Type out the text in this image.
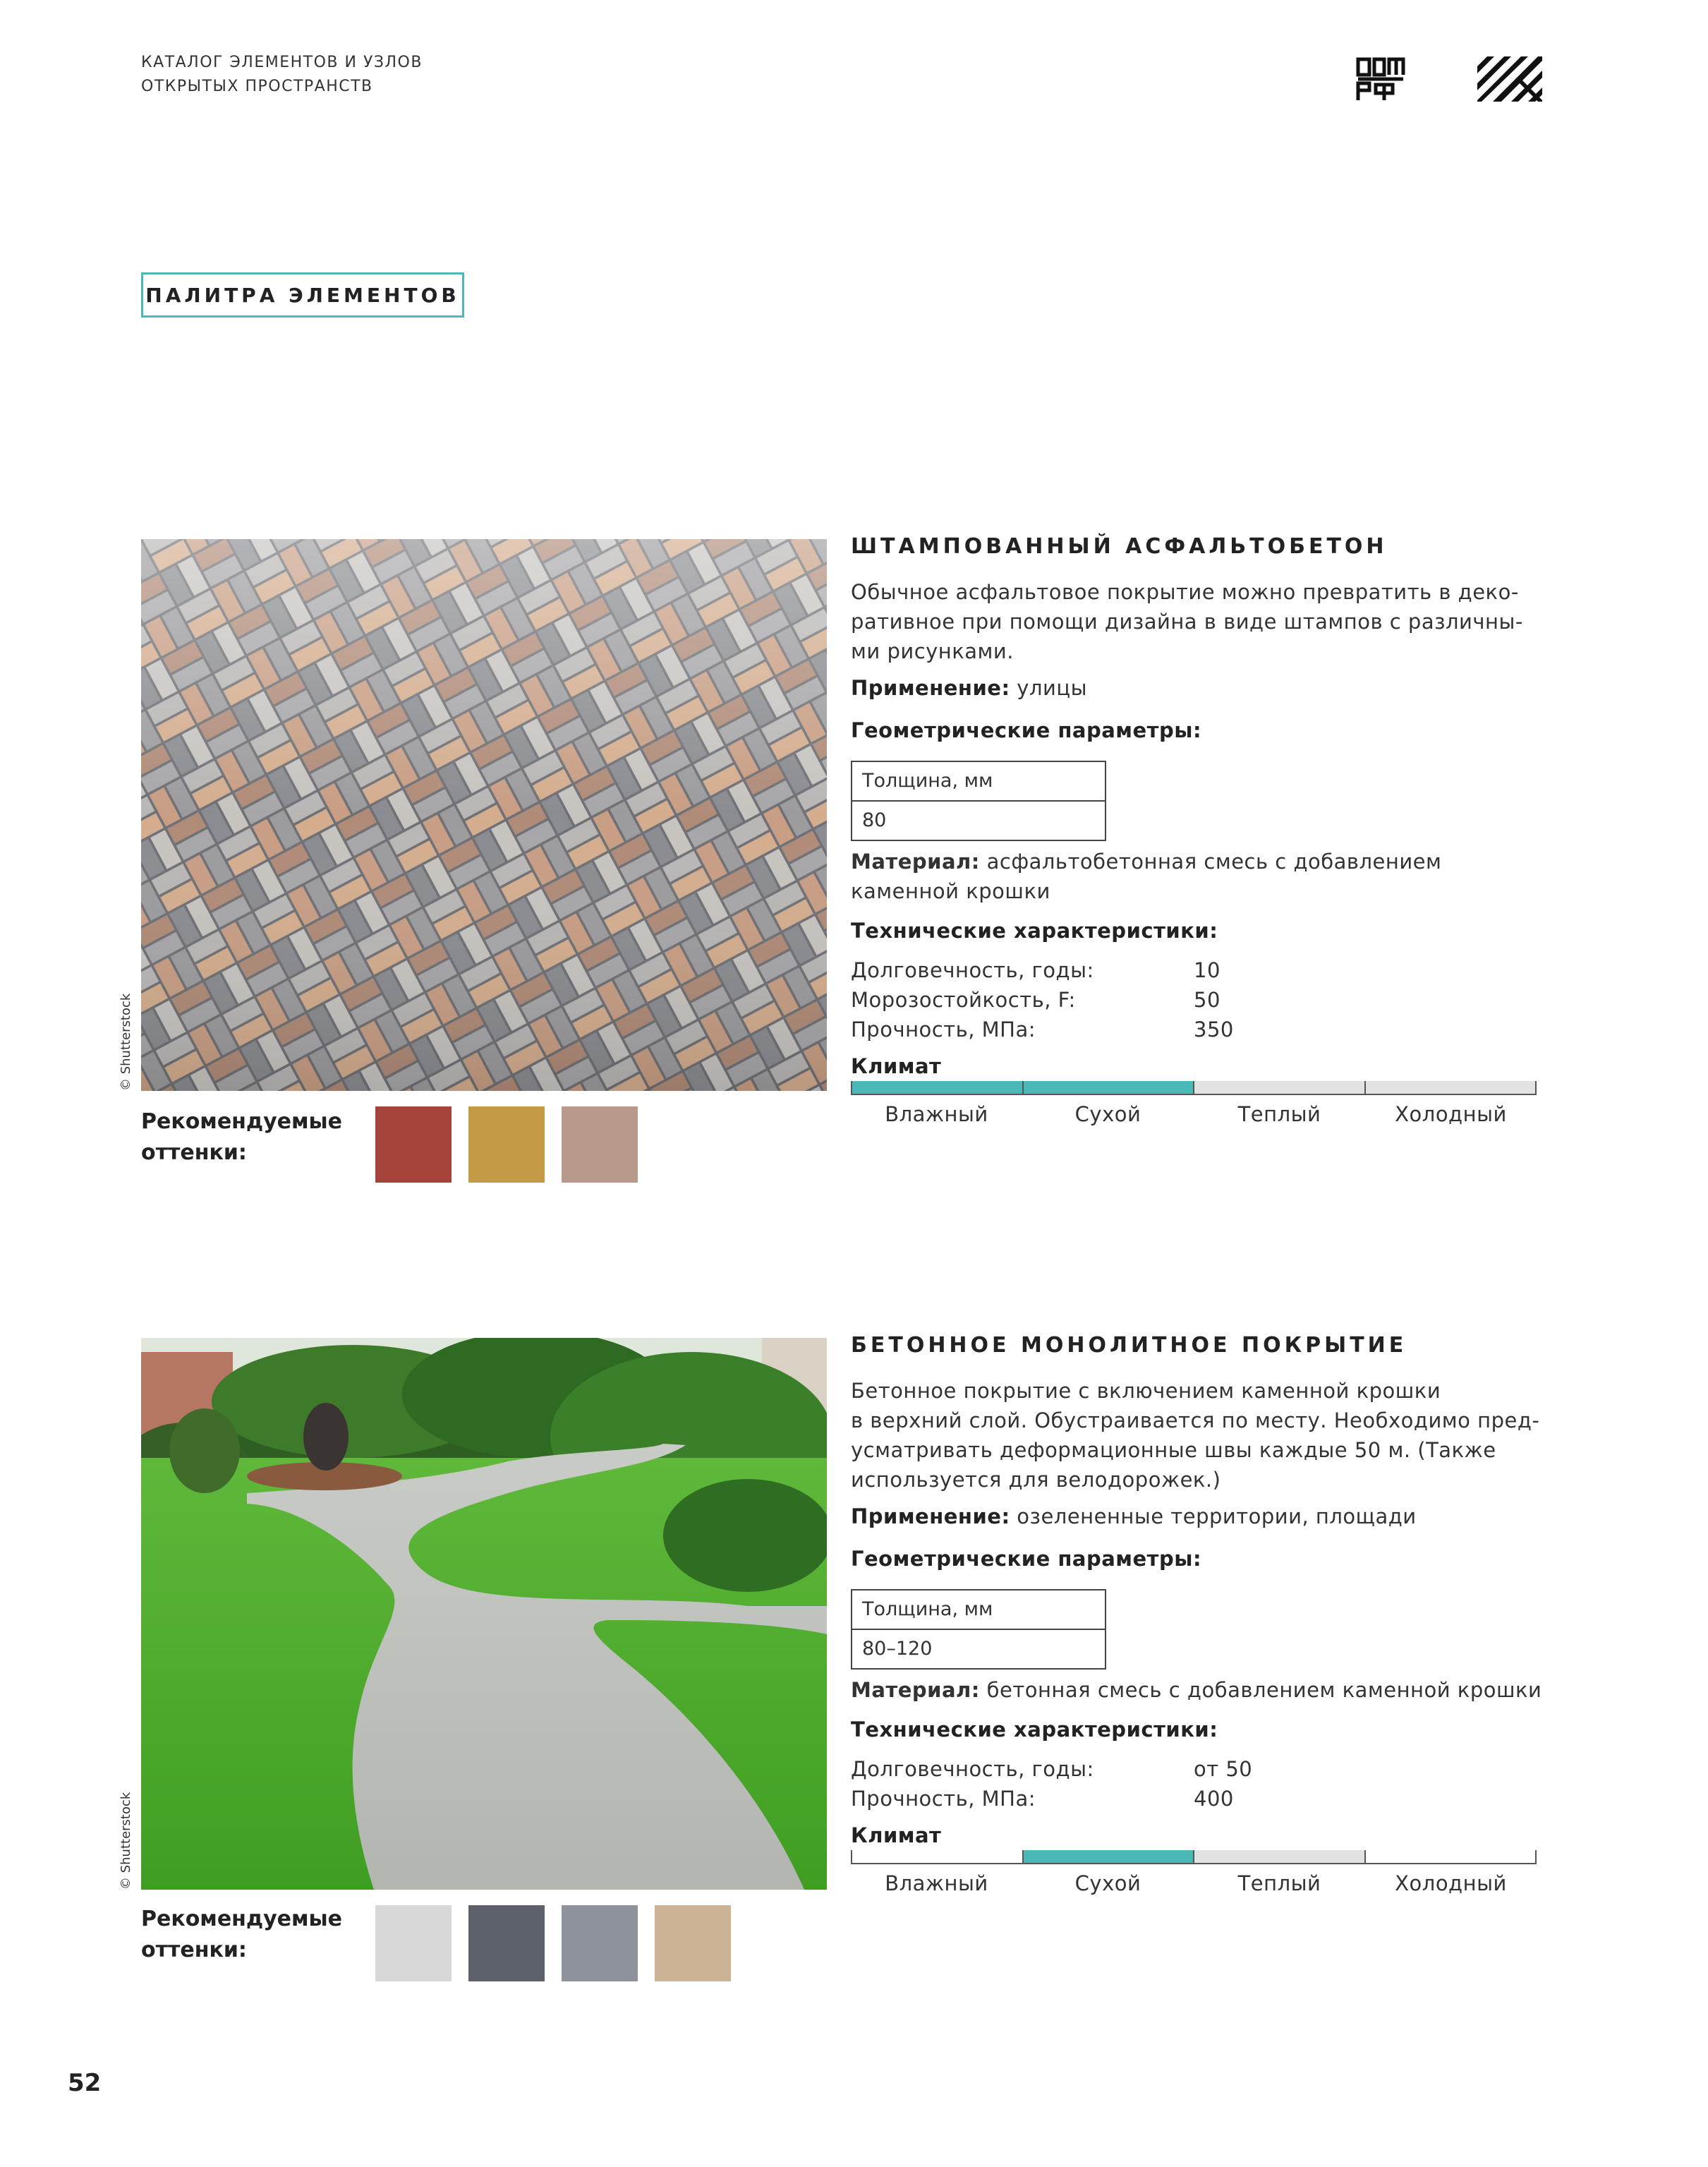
КАТАЛОГ ЭЛЕМЕНТОВ И УЗЛОВ
ОТКРЫТЫХ ПРОСТРАНСТВ
ПАЛИТРА ЭЛЕМЕНТОВ
© Shutterstock
Рекомендуемые
оттенки:
ШТАМПОВАННЫЙ АСФАЛЬТОБЕТОН
Обычное асфальтовое покрытие можно превратить в деко-
ративное при помощи дизайна в виде штампов с различны-
ми рисунками.
Применение: улицы
Геометрические параметры:
Толщина, мм
80
Материал: асфальтобетонная смесь с добавлением
каменной крошки
Технические характеристики:
Долговечность, годы:	10
Морозостойкость, F:	50
Прочность, МПа:	350
Климат
Влажный	Сухой	Теплый	Холодный
© Shutterstock
Рекомендуемые
оттенки:
БЕТОННОЕ МОНОЛИТНОЕ ПОКРЫТИЕ
Бетонное покрытие с включением каменной крошки
в верхний слой. Обустраивается по месту. Необходимо пред-
усматривать деформационные швы каждые 50 м. (Также
используется для велодорожек.)
Применение: озелененные территории, площади
Геометрические параметры:
Толщина, мм
80–120
Материал: бетонная смесь с добавлением каменной крошки
Технические характеристики:
Долговечность, годы:	от 50
Прочность, МПа:	400
Климат
Влажный	Сухой	Теплый	Холодный
52
